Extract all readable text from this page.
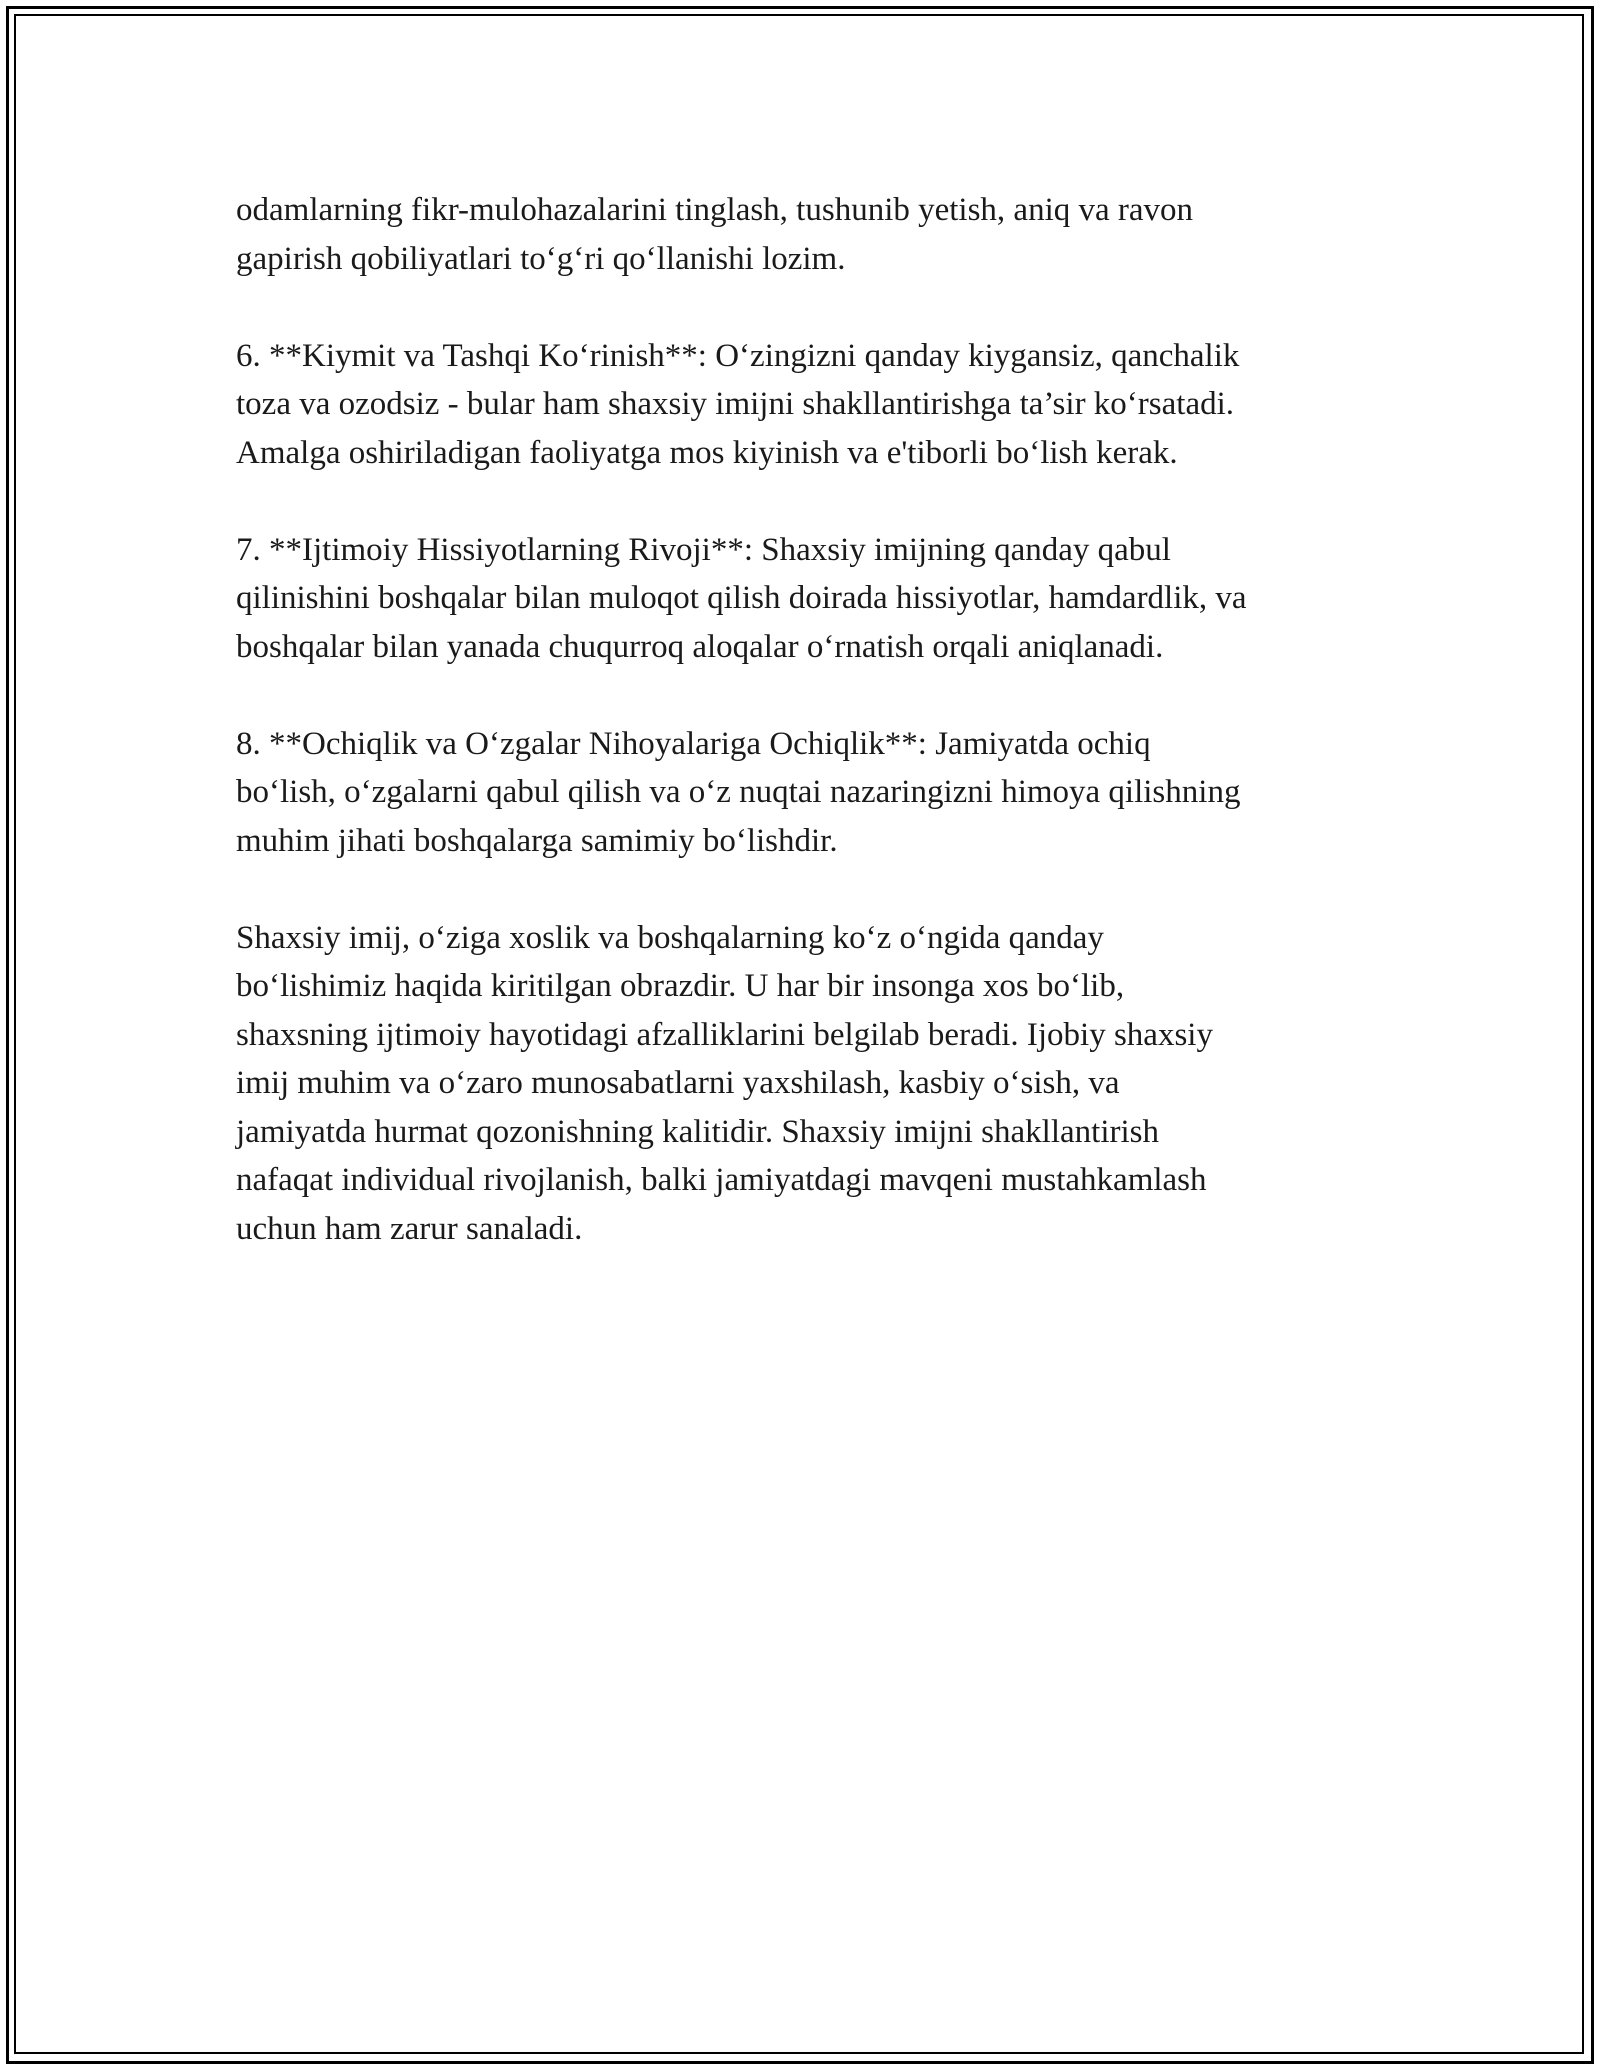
odamlarning fikr-mulohazalarini tinglash, tushunib yetish, aniq va ravon
gapirish qobiliyatlari to‘g‘ri qo‘llanishi lozim.

6. **Kiymit va Tashqi Ko‘rinish**: O‘zingizni qanday kiygansiz, qanchalik
toza va ozodsiz - bular ham shaxsiy imijni shakllantirishga ta’sir ko‘rsatadi.
Amalga oshiriladigan faoliyatga mos kiyinish va e'tiborli bo‘lish kerak.

7. **Ijtimoiy Hissiyotlarning Rivoji**: Shaxsiy imijning qanday qabul
qilinishini boshqalar bilan muloqot qilish doirada hissiyotlar, hamdardlik, va
boshqalar bilan yanada chuqurroq aloqalar o‘rnatish orqali aniqlanadi.

8. **Ochiqlik va O‘zgalar Nihoyalariga Ochiqlik**: Jamiyatda ochiq
bo‘lish, o‘zgalarni qabul qilish va o‘z nuqtai nazaringizni himoya qilishning
muhim jihati boshqalarga samimiy bo‘lishdir.

Shaxsiy imij, o‘ziga xoslik va boshqalarning ko‘z o‘ngida qanday
bo‘lishimiz haqida kiritilgan obrazdir. U har bir insonga xos bo‘lib,
shaxsning ijtimoiy hayotidagi afzalliklarini belgilab beradi. Ijobiy shaxsiy
imij muhim va o‘zaro munosabatlarni yaxshilash, kasbiy o‘sish, va
jamiyatda hurmat qozonishning kalitidir. Shaxsiy imijni shakllantirish
nafaqat individual rivojlanish, balki jamiyatdagi mavqeni mustahkamlash
uchun ham zarur sanaladi.
